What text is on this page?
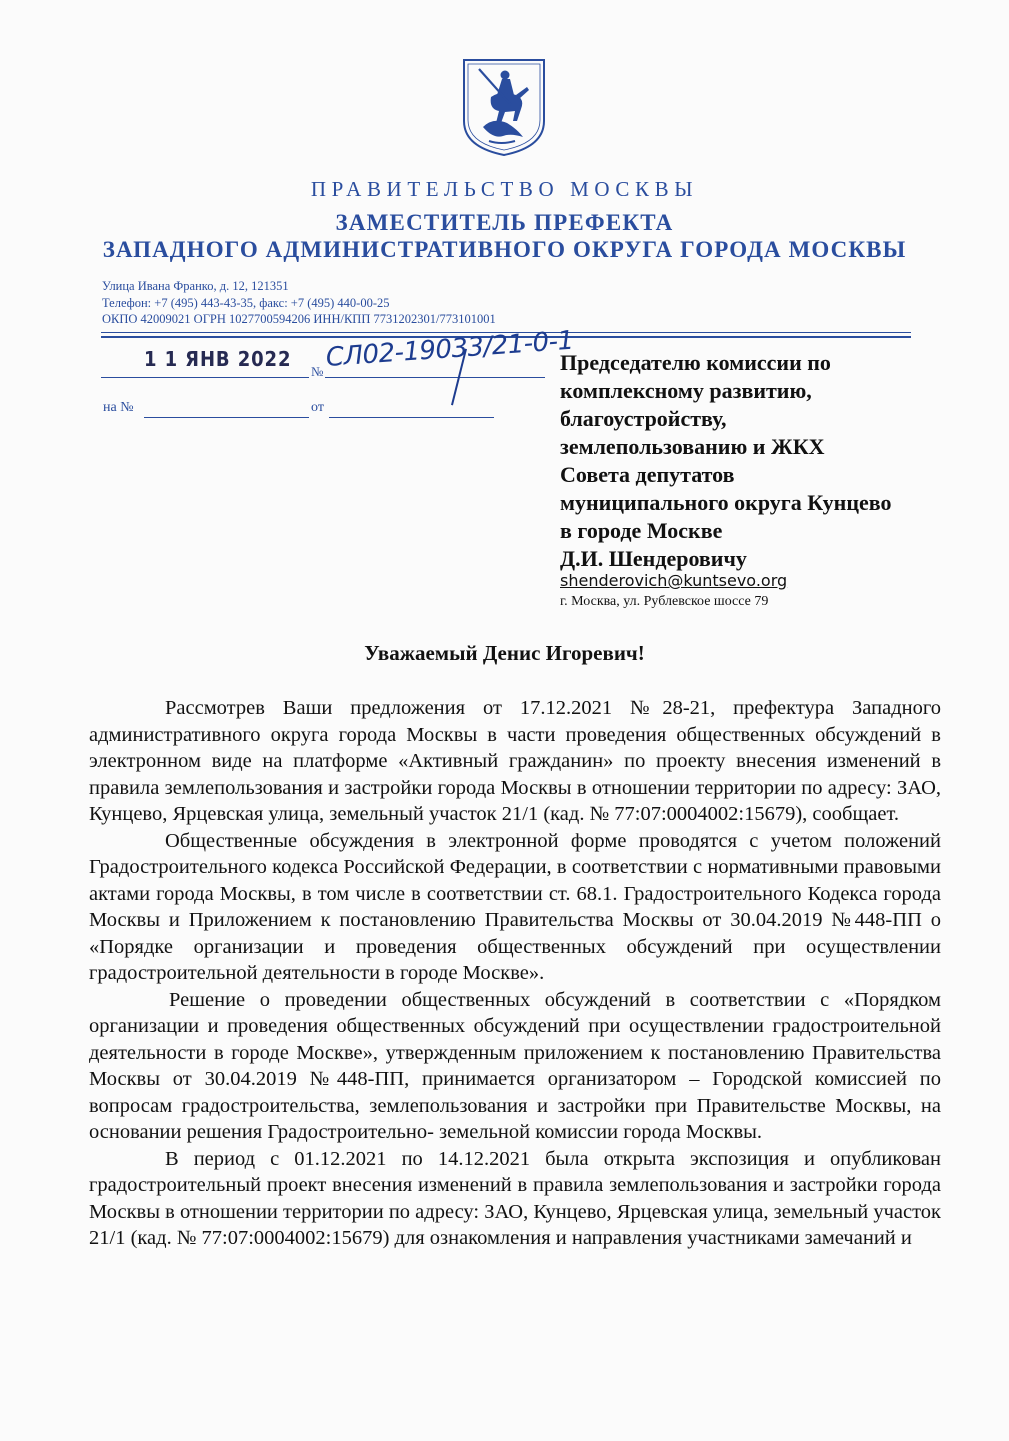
ПРАВИТЕЛЬСТВО МОСКВЫ
ЗАМЕСТИТЕЛЬ ПРЕФЕКТА
ЗАПАДНОГО АДМИНИСТРАТИВНОГО ОКРУГА ГОРОДА МОСКВЫ
Улица Ивана Франко, д. 12, 121351
Телефон: +7 (495) 443-43-35, факс: +7 (495) 440-00-25
ОКПО 42009021 ОГРН 1027700594206 ИНН/КПП 7731202301/773101001
1 1 ЯНВ 2022
№ СЛ02-19033/21-0-1
на №	от
Председателю комиссии по
комплексному развитию,
благоустройству,
землепользованию и ЖКХ
Совета депутатов
муниципального округа Кунцево
в городе Москве
Д.И. Шендеровичу
shenderovich@kuntsevo.org
г. Москва, ул. Рублевское шоссе 79
Уважаемый Денис Игоревич!

Рассмотрев Ваши предложения от 17.12.2021 №28-21, префектура Западного административного округа города Москвы в части проведения общественных обсуждений в электронном виде на платформе «Активный гражданин» по проекту внесения изменений в правила землепользования и застройки города Москвы в отношении территории по адресу: ЗАО, Кунцево, Ярцевская улица, земельный участок 21/1 (кад. № 77:07:0004002:15679), сообщает.

Общественные обсуждения в электронной форме проводятся с учетом положений Градостроительного кодекса Российской Федерации, в соответствии с нормативными правовыми актами города Москвы, в том числе в соответствии ст. 68.1. Градостроительного Кодекса города Москвы и Приложением к постановлению Правительства Москвы от 30.04.2019 №448-ПП о «Порядке организации и проведения общественных обсуждений при осуществлении градостроительной деятельности в городе Москве».

Решение о проведении общественных обсуждений в соответствии с «Порядком организации и проведения общественных обсуждений при осуществлении градостроительной деятельности в городе Москве», утвержденным приложением к постановлению Правительства Москвы от 30.04.2019 №448-ПП, принимается организатором – Городской комиссией по вопросам градостроительства, землепользования и застройки при Правительстве Москвы, на основании решения Градостроительно- земельной комиссии города Москвы.

В период с 01.12.2021 по 14.12.2021 была открыта экспозиция и опубликован градостроительный проект внесения изменений в правила землепользования и застройки города Москвы в отношении территории по адресу: ЗАО, Кунцево, Ярцевская улица, земельный участок 21/1 (кад. № 77:07:0004002:15679) для ознакомления и направления участниками замечаний и
